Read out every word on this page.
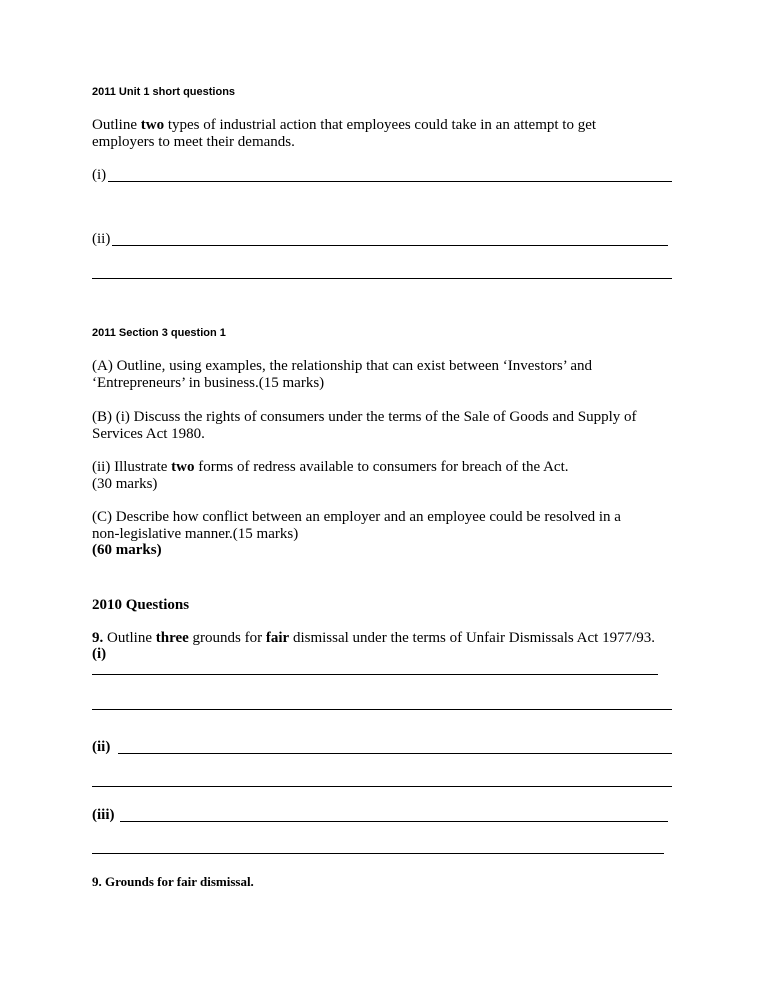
2011 Unit 1 short questions
Outline two types of industrial action that employees could take in an attempt to get
employers to meet their demands.
(i)
(ii)
2011 Section 3 question 1
(A) Outline, using examples, the relationship that can exist between ‘Investors’ and
‘Entrepreneurs’ in business.(15 marks)
(B) (i) Discuss the rights of consumers under the terms of the Sale of Goods and Supply of
Services Act 1980.
(ii) Illustrate two forms of redress available to consumers for breach of the Act.
(30 marks)
(C) Describe how conflict between an employer and an employee could be resolved in a
non-legislative manner.(15 marks)
(60 marks)
2010 Questions
9. Outline three grounds for fair dismissal under the terms of Unfair Dismissals Act 1977/93.
(i)
(ii)
(iii)
9. Grounds for fair dismissal.
